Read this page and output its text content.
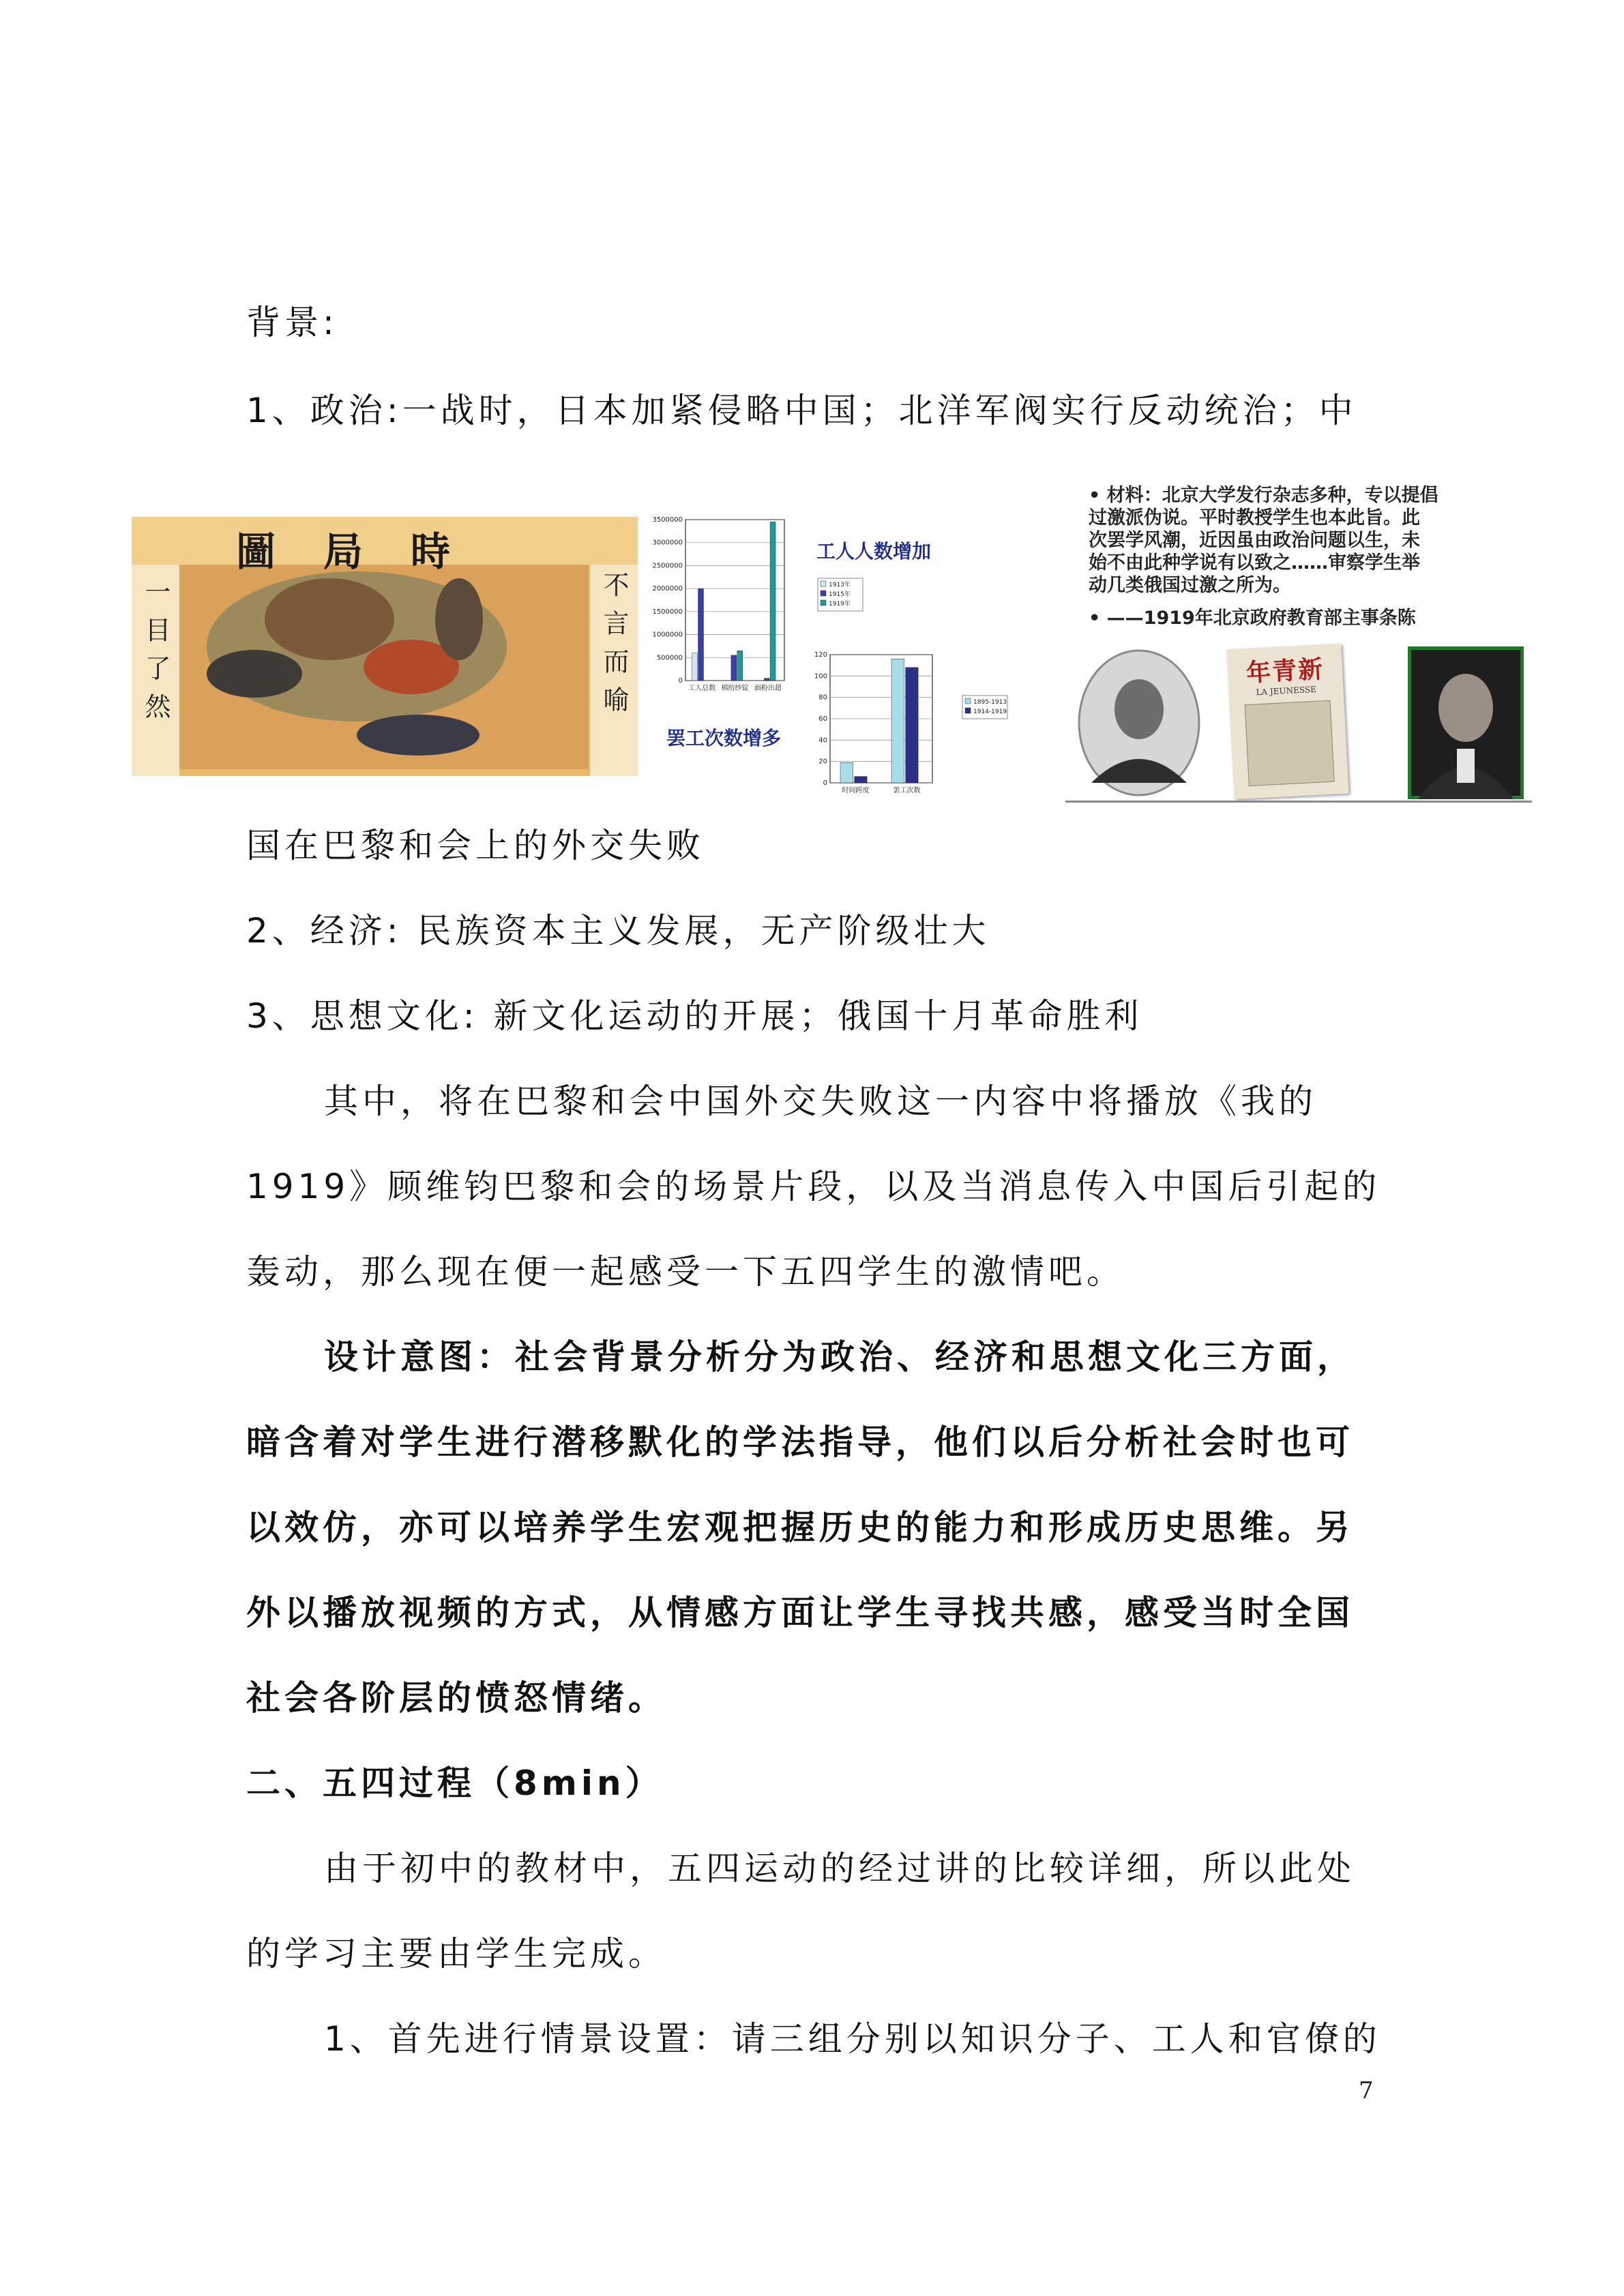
背景:

1、政治:一战时，日本加紧侵略中国；北洋军阀实行反动统治；中

圖局時
一目了然	不言而喻	0
500000
1000000
1500000
2000000
2500000
3000000
3500000
工人总数 棉纺纱锭 面粉出超
1913年
1915年
1919年
工人人数增加
0
20
40
60
80
100
120
时间跨度	罢工次数
1895-1913
1914-1919
罢工次数增多

• 材料：北京大学发行杂志多种，专以提倡

过激派伪说。平时教授学生也本此旨。此

次罢学风潮，近因虽由政治问题以生，未

始不由此种学说有以致之……审察学生举

动几类俄国过激之所为。

• ——1919年北京政府教育部主事条陈

年青新
LA JEUNESSE

国在巴黎和会上的外交失败

2、经济: 民族资本主义发展，无产阶级壮大

3、思想文化: 新文化运动的开展；俄国十月革命胜利

其中，将在巴黎和会中国外交失败这一内容中将播放《我的

1919》顾维钧巴黎和会的场景片段，以及当消息传入中国后引起的

轰动，那么现在便一起感受一下五四学生的激情吧。

设计意图：社会背景分析分为政治、经济和思想文化三方面，

暗含着对学生进行潜移默化的学法指导，他们以后分析社会时也可

以效仿，亦可以培养学生宏观把握历史的能力和形成历史思维。另

外以播放视频的方式，从情感方面让学生寻找共感，感受当时全国

社会各阶层的愤怒情绪。

二、五四过程（8min）

由于初中的教材中，五四运动的经过讲的比较详细，所以此处

的学习主要由学生完成。

1、首先进行情景设置：请三组分别以知识分子、工人和官僚的

7
